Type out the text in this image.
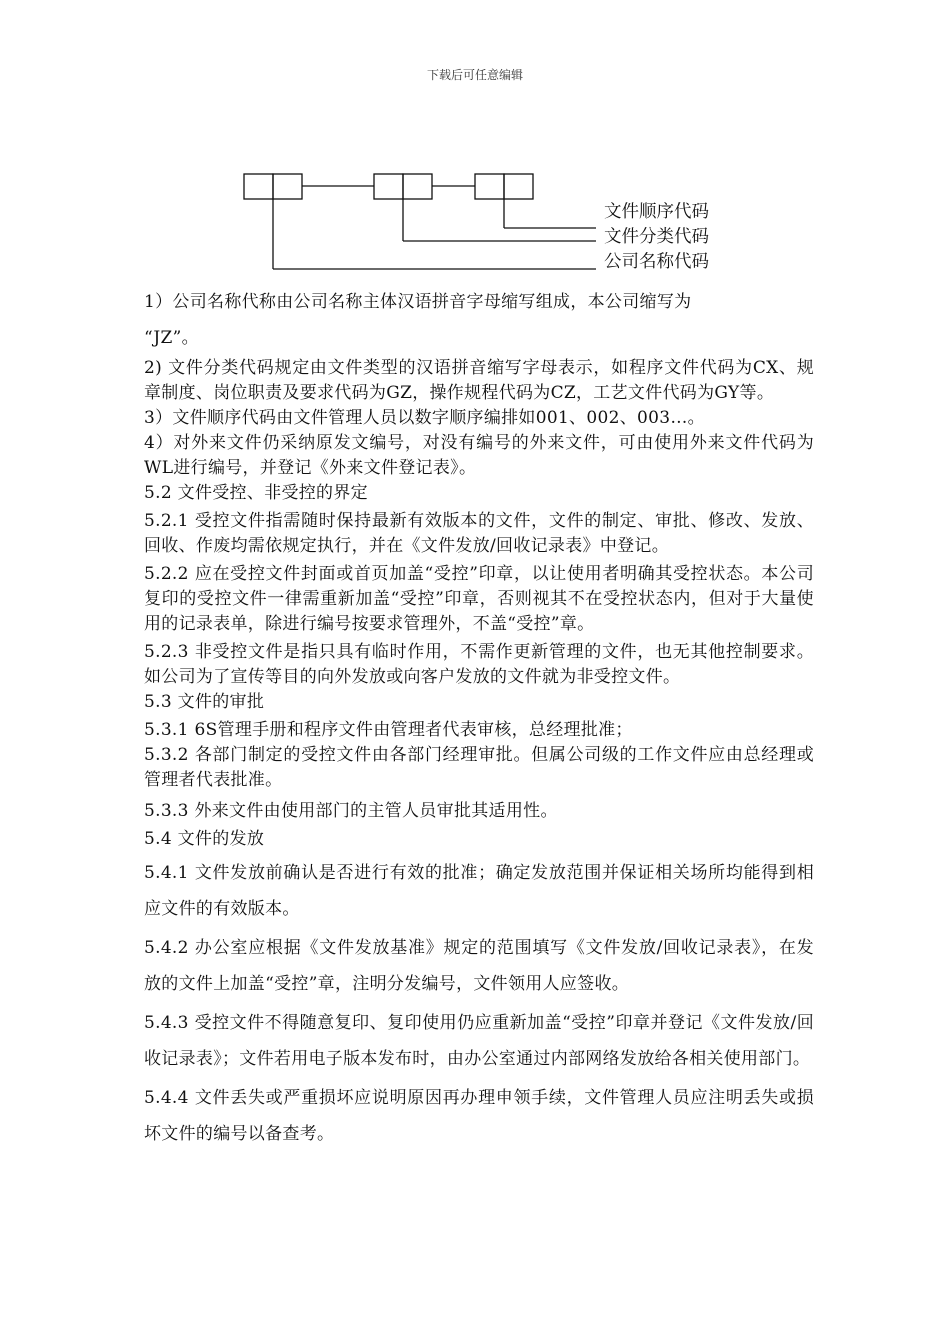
下载后可任意编辑
文件顺序代码
文件分类代码
公司名称代码

1）公司名称代称由公司名称主体汉语拼音字母缩写组成，本公司缩写为

“JZ”。

2) 文件分类代码规定由文件类型的汉语拼音缩写字母表示，如程序文件代码为CX、规章制度、岗位职责及要求代码为GZ，操作规程代码为CZ，工艺文件代码为GY等。

3）文件顺序代码由文件管理人员以数字顺序编排如001、002、003…。

4）对外来文件仍采纳原发文编号，对没有编号的外来文件，可由使用外来文件代码为WL进行编号，并登记《外来文件登记表》。

5.2 文件受控、非受控的界定

5.2.1 受控文件指需随时保持最新有效版本的文件，文件的制定、审批、修改、发放、回收、作废均需依规定执行，并在《文件发放/回收记录表》中登记。

5.2.2 应在受控文件封面或首页加盖“受控”印章，以让使用者明确其受控状态。本公司复印的受控文件一律需重新加盖“受控”印章，否则视其不在受控状态内，但对于大量使用的记录表单，除进行编号按要求管理外，不盖“受控”章。

5.2.3 非受控文件是指只具有临时作用，不需作更新管理的文件，也无其他控制要求。如公司为了宣传等目的向外发放或向客户发放的文件就为非受控文件。

5.3 文件的审批

5.3.1 6S管理手册和程序文件由管理者代表审核，总经理批准；

5.3.2 各部门制定的受控文件由各部门经理审批。但属公司级的工作文件应由总经理或管理者代表批准。

5.3.3 外来文件由使用部门的主管人员审批其适用性。

5.4 文件的发放

5.4.1 文件发放前确认是否进行有效的批准；确定发放范围并保证相关场所均能得到相应文件的有效版本。

5.4.2 办公室应根据《文件发放基准》规定的范围填写《文件发放/回收记录表》，在发放的文件上加盖“受控”章，注明分发编号，文件领用人应签收。

5.4.3 受控文件不得随意复印、复印使用仍应重新加盖“受控”印章并登记《文件发放/回收记录表》；文件若用电子版本发布时，由办公室通过内部网络发放给各相关使用部门。

5.4.4 文件丢失或严重损坏应说明原因再办理申领手续，文件管理人员应注明丢失或损坏文件的编号以备查考。
